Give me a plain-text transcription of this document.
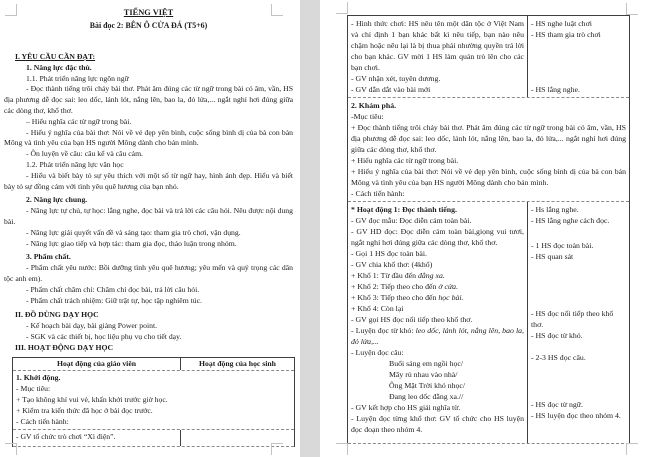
TIẾNG VIỆT
Bài đọc 2: BÊN Ô CỬA ĐÁ (T5+6)

I. YÊU CẦU CẦN ĐẠT:

1. Năng lực đặc thù.

1.1. Phát triển năng lực ngôn ngữ

- Đọc thành tiếng trôi chảy bài thơ. Phát âm đúng các từ ngữ trong bài có âm, vần, HS địa phương dễ đọc sai: leo dốc, lảnh lót, nắng lên, bao la, đỏ lửa,... ngắt nghỉ hơi đúng giữa các dòng thơ, khổ thơ.

– Hiểu nghĩa các từ ngữ trong bài.

- Hiểu ý nghĩa của bài thơ: Nói về vẻ đẹp yên bình, cuộc sống bình dị của bà con bản Mông và tình yêu của bạn HS người Mông dành cho bản mình.

- Ôn luyện về câu: câu kể và câu cảm.

1.2. Phát triển năng lực văn học

- Hiểu và biết bày tỏ sự yêu thích với một số từ ngữ hay, hình ảnh đẹp. Hiểu và biết bày tỏ sự đồng cảm với tình yêu quê hương của bạn nhỏ.

2. Năng lực chung.

- Năng lực tự chủ, tự học: lắng nghe, đọc bài và trả lời các câu hỏi. Nêu được nội dung bài.

- Năng lực giải quyết vấn đề và sáng tạo: tham gia trò chơi, vận dụng.

- Năng lực giao tiếp và hợp tác: tham gia đọc, thảo luận trong nhóm.

3. Phẩm chất.

- Phẩm chất yêu nước: Bồi dưỡng tình yêu quê hương; yêu mến và quý trọng các dân tộc anh em).

- Phẩm chất chăm chỉ: Chăm chỉ đọc bài, trả lời câu hỏi.

- Phẩm chất trách nhiệm: Giữ trật tự, học tập nghiêm túc.

II. ĐỒ DÙNG DẠY HỌC

- Kế hoạch bài dạy, bài giảng Power point.

- SGK và các thiết bị, học liệu phụ vụ cho tiết dạy.

III. HOẠT ĐỘNG DẠY HỌC

Hoạt động của giáo viên	Hoạt động của học sinh

1. Khởi động.

- Mục tiêu:

+ Tạo không khí vui vẻ, khấn khởi trước giờ học.

+ Kiểm tra kiến thức đã học ở bài đọc trước.

- Cách tiến hành:

- GV tổ chức trò chơi “Xì điện”.

- Hình thức chơi: HS nêu tên một dân tộc ở Việt Nam và chỉ định 1 bạn khác bất kì nêu tiếp, bạn nào nêu chậm hoặc nêu lại là bị thua phải nhường quyền trả lời cho bạn khác. GV mời 1 HS làm quản trò lên cho các bạn chơi.

- GV nhận xét, tuyên dương.

- GV dẫn dắt vào bài mới

- HS nghe luật chơi

- HS tham gia trò chơi

- HS lắng nghe.

2. Khám phá.

-Mục tiêu:

+ Đọc thành tiếng trôi chảy bài thơ. Phát âm đúng các từ ngữ trong bài có âm, vần, HS địa phương dễ đọc sai: leo dốc, lảnh lót, nắng lên, bao la, đỏ lửa,... ngắt nghỉ hơi đúng giữa các dòng thơ, khổ thơ.

+ Hiểu nghĩa các từ ngữ trong bài.

+ Hiểu ý nghĩa của bài thơ: Nói về vẻ đẹp yên bình, cuộc sống bình dị của bà con bản Mông và tình yêu của bạn HS người Mông dành cho bản mình.

- Cách tiến hành:

* Hoạt động 1: Đọc thành tiếng.

- GV đọc mẫu: Đọc diễn cảm toàn bài.

- GV HD đọc: Đọc diễn cảm toàn bài,giọng vui tươi, ngắt nghỉ hơi đúng giữa các dòng thơ, khổ thơ.

- Gọi 1 HS đọc toàn bài.

- GV chia khổ thơ: (4khổ)

+ Khổ 1: Từ đầu đến đằng xa.

+ Khổ 2: Tiếp theo cho đến ở cửa.

+ Khổ 3: Tiếp theo cho đến học bài.

+ Khổ 4: Còn lại

- GV gọi HS đọc nối tiếp theo khổ thơ.

- Luyện đọc từ khó: leo dốc, lảnh lót, nắng lên, bao la, đỏ lửa,...

- Luyện đọc câu:

Buổi sáng em ngồi học/

Mây rủ nhau vào nhà/

Ông Mặt Trời khó nhọc/

Đang leo dốc đằng xa.//

- GV kết hợp cho HS giải nghĩa từ.

- Luyện đọc từng khổ thơ: GV tổ chức cho HS luyện đọc đoạn theo nhóm 4.

- Hs lắng nghe.

- HS lắng nghe cách đọc.

- 1 HS đọc toàn bài.

- HS quan sát

- HS đọc nối tiếp theo khổ thơ.

- HS đọc từ khó.

- 2-3 HS đọc câu.

- HS đọc từ ngữ.

- HS luyện đọc theo nhóm 4.
